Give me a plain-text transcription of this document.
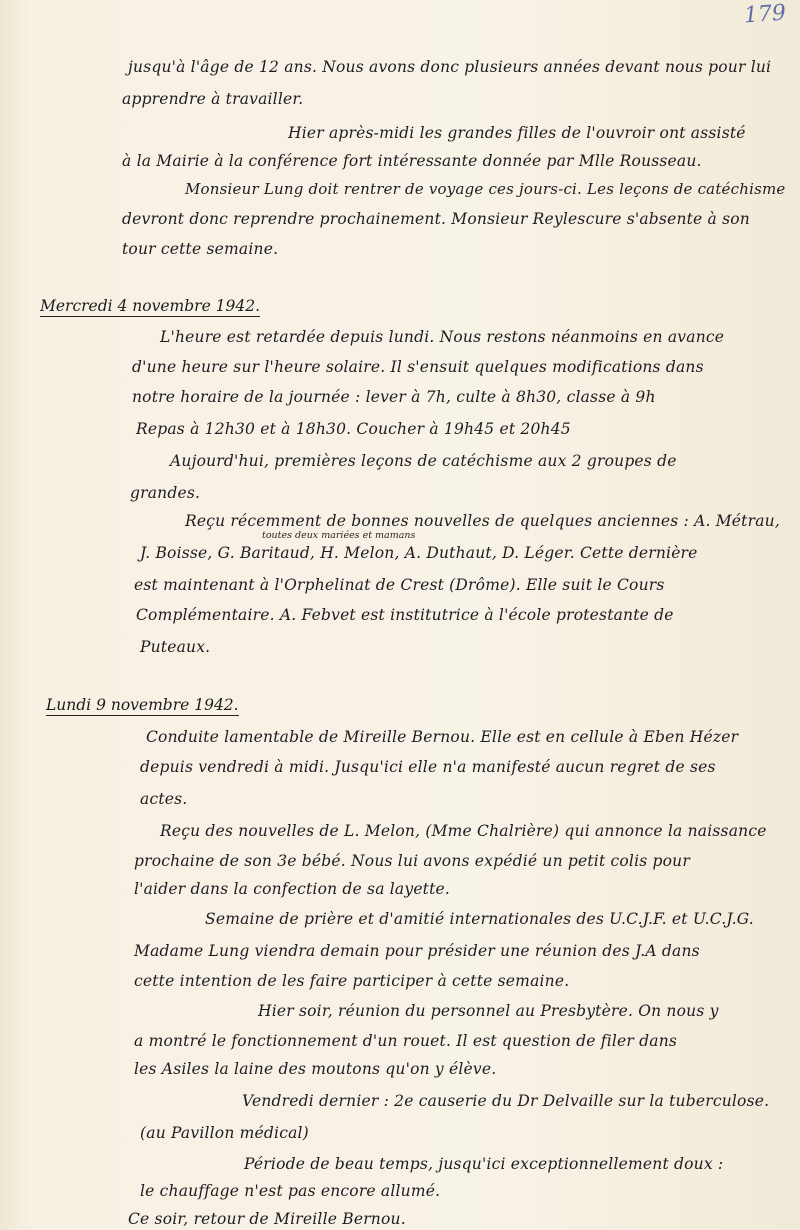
179
jusqu'à l'âge de 12 ans. Nous avons donc plusieurs années devant nous pour lui
apprendre à travailler.
Hier après-midi les grandes filles de l'ouvroir ont assisté
à la Mairie à la conférence fort intéressante donnée par Mlle Rousseau.
Monsieur Lung doit rentrer de voyage ces jours-ci. Les leçons de catéchisme
devront donc reprendre prochainement. Monsieur Reylescure s'absente à son
tour cette semaine.
Mercredi 4 novembre 1942.
L'heure est retardée depuis lundi. Nous restons néanmoins en avance
d'une heure sur l'heure solaire. Il s'ensuit quelques modifications dans
notre horaire de la journée : lever à 7h, culte à 8h30, classe à 9h
Repas à 12h30 et à 18h30. Coucher à 19h45 et 20h45
Aujourd'hui, premières leçons de catéchisme aux 2 groupes de
grandes.
Reçu récemment de bonnes nouvelles de quelques anciennes : A. Métrau,
toutes deux mariées et mamans
J. Boisse, G. Baritaud, H. Melon, A. Duthaut, D. Léger. Cette dernière
est maintenant à l'Orphelinat de Crest (Drôme). Elle suit le Cours
Complémentaire. A. Febvet est institutrice à l'école protestante de
Puteaux.
Lundi 9 novembre 1942.
Conduite lamentable de Mireille Bernou. Elle est en cellule à Eben Hézer
depuis vendredi à midi. Jusqu'ici elle n'a manifesté aucun regret de ses
actes.
Reçu des nouvelles de L. Melon, (Mme Chalrière) qui annonce la naissance
prochaine de son 3e bébé. Nous lui avons expédié un petit colis pour
l'aider dans la confection de sa layette.
Semaine de prière et d'amitié internationales des U.C.J.F. et U.C.J.G.
Madame Lung viendra demain pour présider une réunion des J.A dans
cette intention de les faire participer à cette semaine.
Hier soir, réunion du personnel au Presbytère. On nous y
a montré le fonctionnement d'un rouet. Il est question de filer dans
les Asiles la laine des moutons qu'on y élève.
Vendredi dernier : 2e causerie du Dr Delvaille sur la tuberculose.
(au Pavillon médical)
Période de beau temps, jusqu'ici exceptionnellement doux :
le chauffage n'est pas encore allumé.
Ce soir, retour de Mireille Bernou.
